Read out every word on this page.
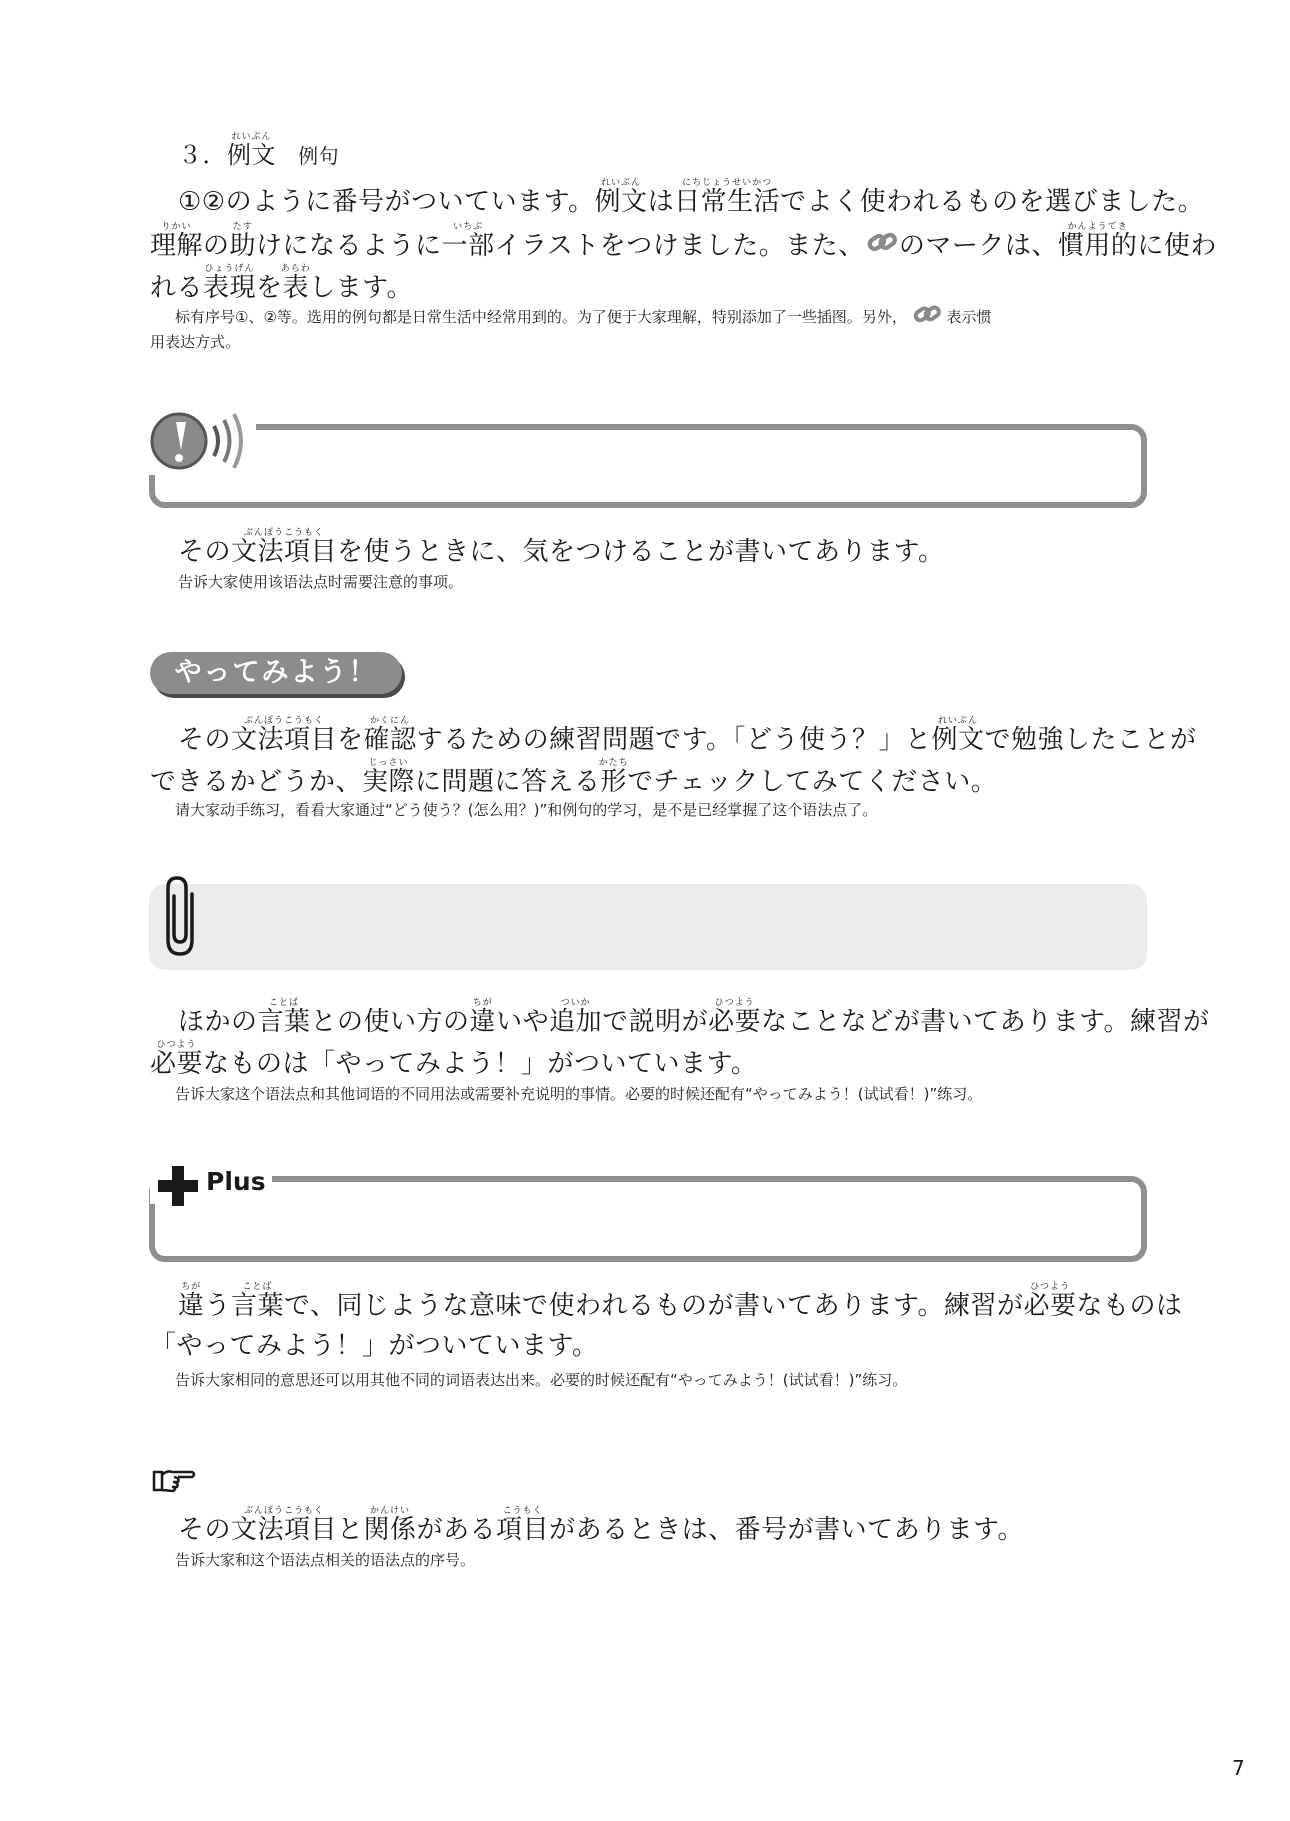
３．例文れいぶん 例句
①②のように番号がついています。例文れいぶんは日常生活にちじょうせいかつでよく使われるものを選びました。
理解りかいの助たすけになるように一部いちぶイラストをつけました。また、 のマークは、慣用的かんようてきに使わ
れる表現ひょうげんを表あらわします。
标有序号①、②等。选用的例句都是日常生活中经常用到的。为了便于大家理解，特别添加了一些插图。另外，	表示惯
用表达方式。
その文法項目ぶんぽうこうもくを使うときに、気をつけることが書いてあります。
告诉大家使用该语法点时需要注意的事项。
やってみよう！
その文法項目ぶんぽうこうもくを確認かくにんするための練習問題です。「どう使う？」と例文れいぶんで勉強したことが
できるかどうか、実際じっさいに問題に答える形かたちでチェックしてみてください。
请大家动手练习，看看大家通过“どう使う？(怎么用？)”和例句的学习，是不是已经掌握了这个语法点了。
ほかの言葉ことばとの使い方の違ちがいや追加ついかで説明が必要ひつようなことなどが書いてあります。練習が
必要ひつようなものは「やってみよう！」がついています。
告诉大家这个语法点和其他词语的不同用法或需要补充说明的事情。必要的时候还配有“やってみよう！(试试看！)”练习。
Plus
違ちがう言葉ことばで、同じような意味で使われるものが書いてあります。練習が必要ひつようなものは
「やってみよう！」がついています。
告诉大家相同的意思还可以用其他不同的词语表达出来。必要的时候还配有“やってみよう！(试试看！)”练习。
その文法項目ぶんぽうこうもくと関係かんけいがある項目こうもくがあるときは、番号が書いてあります。
告诉大家和这个语法点相关的语法点的序号。
7
